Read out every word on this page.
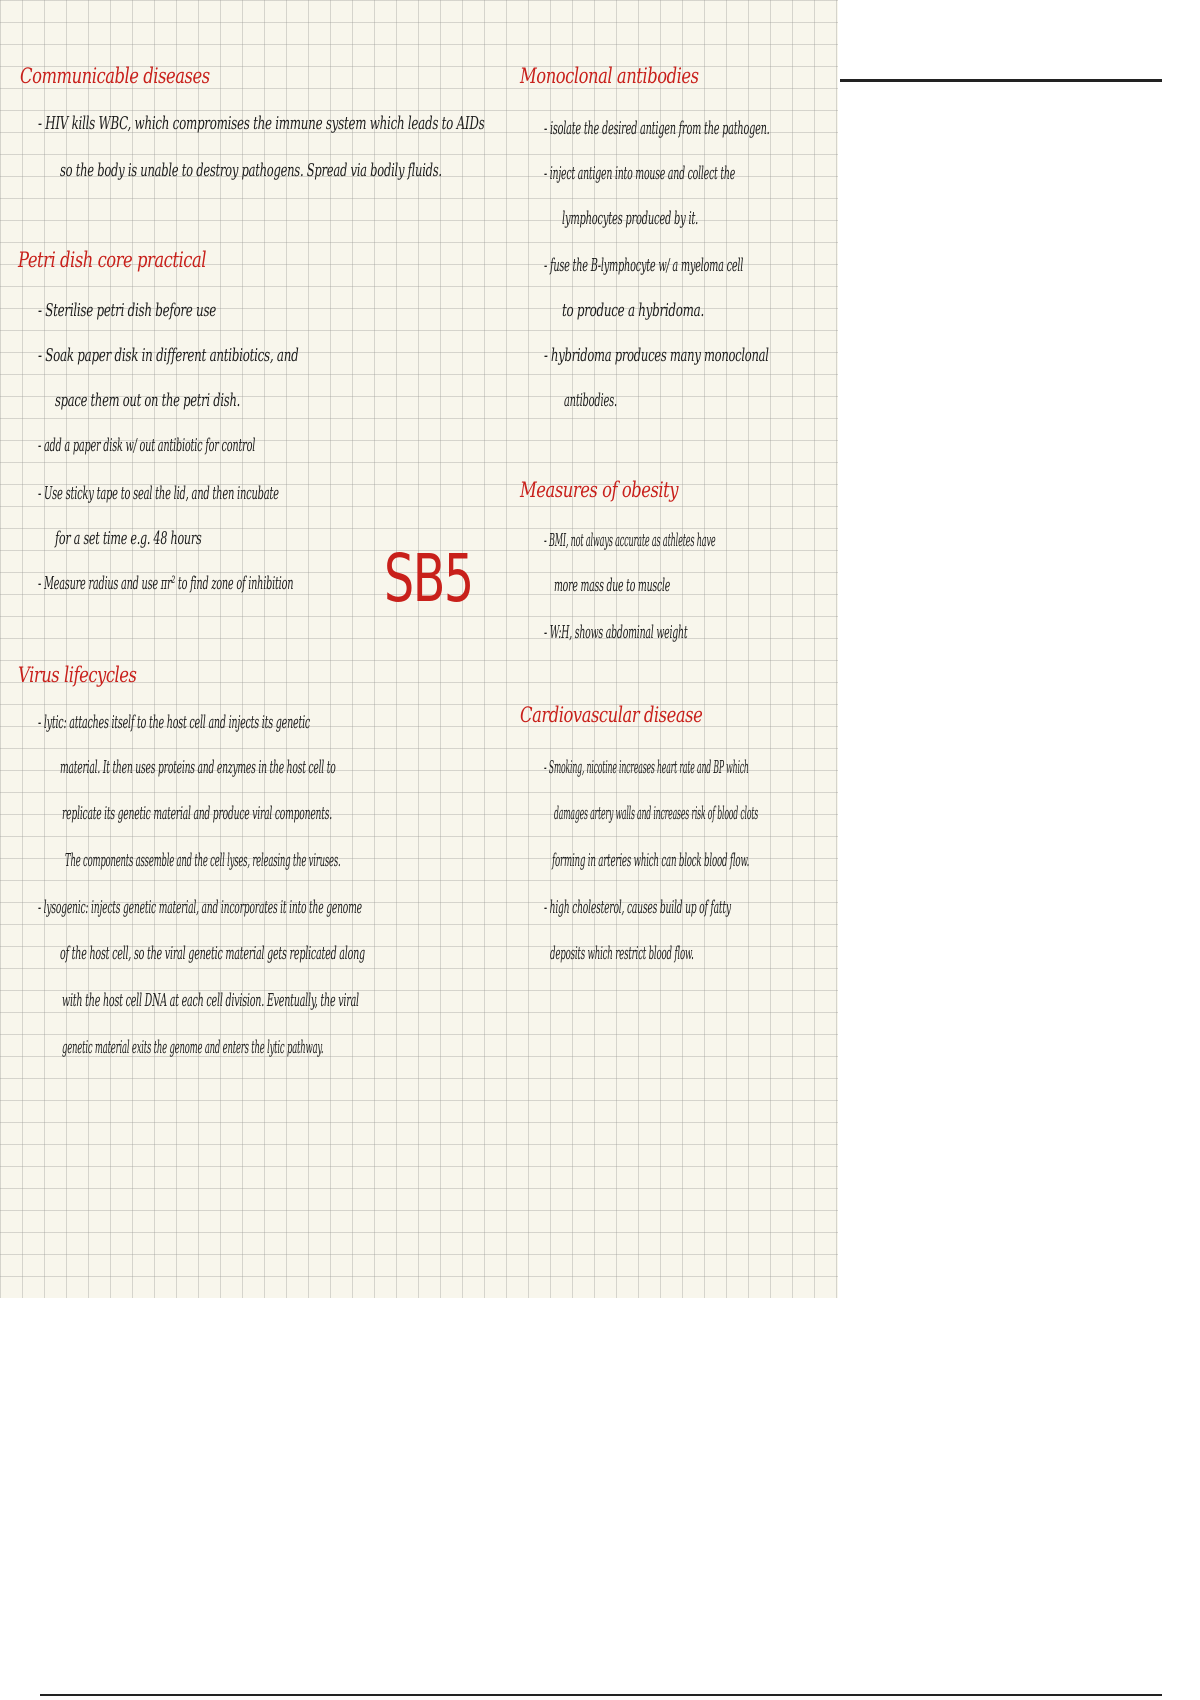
Communicable diseases
- HIV kills WBC, which compromises the immune system which leads to AIDs
so the body is unable to destroy pathogens. Spread via bodily fluids.
Petri dish core practical
- Sterilise petri dish before use
- Soak paper disk in different antibiotics, and
space them out on the petri dish.
- add a paper disk w/ out antibiotic for control
- Use sticky tape to seal the lid, and then incubate
for a set time e.g. 48 hours
- Measure radius and use πr² to find zone of inhibition
Virus lifecycles
- lytic: attaches itself to the host cell and injects its genetic
material. It then uses proteins and enzymes in the host cell to
replicate its genetic material and produce viral components.
The components assemble and the cell lyses, releasing the viruses.
- lysogenic: injects genetic material, and incorporates it into the genome
of the host cell, so the viral genetic material gets replicated along
with the host cell DNA at each cell division. Eventually, the viral
genetic material exits the genome and enters the lytic pathway.
SB5
Monoclonal antibodies
- isolate the desired antigen from the pathogen.
- inject antigen into mouse and collect the
lymphocytes produced by it.
- fuse the B-lymphocyte w/ a myeloma cell
to produce a hybridoma.
- hybridoma produces many monoclonal
antibodies.
Measures of obesity
- BMI, not always accurate as athletes have
more mass due to muscle
- W:H, shows abdominal weight
Cardiovascular disease
- Smoking, nicotine increases heart rate and BP which
damages artery walls and increases risk of blood clots
forming in arteries which can block blood flow.
- high cholesterol, causes build up of fatty
deposits which restrict blood flow.
